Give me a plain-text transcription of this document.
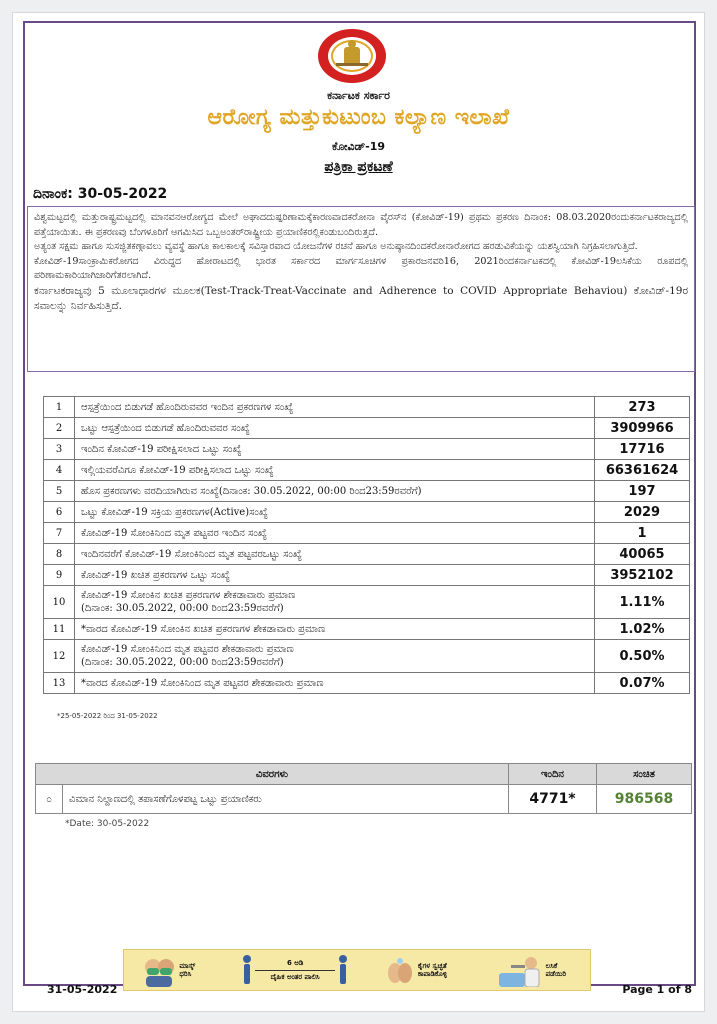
ಕರ್ನಾಟಕ ಸರ್ಕಾರ
ಆರೋಗ್ಯ ಮತ್ತುಕುಟುಂಬ ಕಲ್ಯಾಣ ಇಲಾಖೆ
ಕೋವಿಡ್-19
ಪತ್ರಿಕಾ ಪ್ರಕಟಣೆ
ದಿನಾಂಕ: 30-05-2022

ವಿಶ್ವಮಟ್ಟದಲ್ಲಿ ಮತ್ತುರಾಷ್ಟ್ರಮಟ್ಟದಲ್ಲಿ ಮಾನವನಆರೋಗ್ಯದ ಮೇಲೆ ಅಘಾದದುಷ್ಪರಿಣಾಮಕ್ಕೆಕಾರಣವಾದಕರೋನಾ ವೈರಸ್‌ನ (ಕೋವಿಡ್-19) ಪ್ರಥಮ ಪ್ರಕರಣ ದಿನಾಂಕ: 08.03.2020ರಂದುಕರ್ನಾಟಕರಾಜ್ಯದಲ್ಲಿ ಪತ್ತೆಯಾಯಿತು. ಈ ಪ್ರಕರಣವು ಬೆಂಗಳೂರಿಗೆ ಆಗಮಿಸಿದ ಒಬ್ಬಅಂತರ್‌ರಾಷ್ಟ್ರೀಯ ಪ್ರಯಾಣಿಕರಲ್ಲಿಕಂಡುಬಂದಿರುತ್ತದೆ.

ಅತ್ಯಂತ ಸಕ್ಷಮ ಹಾಗೂ ಸುಸಜ್ಜಿತಕಣ್ಗಾವಲು ವ್ಯವಸ್ಥೆ ಹಾಗೂ ಕಾಲಕಾಲಕ್ಕೆ ಸವಿಸ್ತಾರವಾದ ಯೋಜನೆಗಳ ರಚನೆ ಹಾಗೂ ಅನುಷ್ಠಾನದಿಂದಕರೋನಾರೋಗದ ಹರಡುವಿಕೆಯನ್ನು ಯಶಸ್ವಿಯಾಗಿ ನಿಗ್ರಹಿಸಲಾಗುತ್ತಿದೆ.

ಕೋವಿಡ್-19ಸಾಂಕ್ರಾಮಿಕರೋಗದ ವಿರುದ್ಧದ ಹೋರಾಟದಲ್ಲಿ ಭಾರತ ಸರ್ಕಾರದ ಮಾರ್ಗಸೂಚಿಗಳ ಪ್ರಕಾರಜನವರಿ16, 2021ರಿಂದಕರ್ನಾಟಕದಲ್ಲಿ ಕೋವಿಡ್-19ಲಸಿಕೆಯ ರೂಪದಲ್ಲಿ ಪರಿಣಾಮಕಾರಿಯಾಗಿಜಾರಿಗೆತರಲಾಗಿದೆ.

ಕರ್ನಾಟಕರಾಜ್ಯವು 5 ಮೂಲಾಧಾರಗಳ ಮೂಲಕ(Test-Track-Treat-Vaccinate and Adherence to COVID Appropriate Behaviou) ಕೋವಿಡ್-19ರ ಸವಾಲನ್ನು ನಿರ್ವಹಿಸುತ್ತಿದೆ.

1	ಆಸ್ಪತ್ರೆಯಿಂದ ಬಿಡುಗಡೆ ಹೊಂದಿರುವವರ ಇಂದಿನ ಪ್ರಕರಣಗಳ ಸಂಖ್ಯೆ	273
2	ಒಟ್ಟು ಆಸ್ಪತ್ರೆಯಿಂದ ಬಿಡುಗಡೆ ಹೊಂದಿರುವವರ ಸಂಖ್ಯೆ	3909966
3	ಇಂದಿನ ಕೋವಿಡ್-19 ಪರೀಕ್ಷಿಸಲಾದ ಒಟ್ಟು ಸಂಖ್ಯೆ	17716
4	ಇಲ್ಲಿಯವರೆವಿಗೂ ಕೋವಿಡ್-19 ಪರೀಕ್ಷಿಸಲಾದ ಒಟ್ಟು ಸಂಖ್ಯೆ	66361624
5	ಹೊಸ ಪ್ರಕರಣಗಳು ವರದಿಯಾಗಿರುವ ಸಂಖ್ಯೆ(ದಿನಾಂಕ: 30.05.2022, 00:00 ರಿಂದ23:59ರವರೆಗೆ)	197
6	ಒಟ್ಟು ಕೋವಿಡ್-19 ಸಕ್ರಿಯ ಪ್ರಕರಣಗಳ(Active)ಸಂಖ್ಯೆ	2029
7	ಕೋವಿಡ್-19 ಸೋಂಕಿನಿಂದ ಮೃತ ಪಟ್ಟವರ ಇಂದಿನ ಸಂಖ್ಯೆ	1
8	ಇಂದಿನವರೆಗೆ ಕೋವಿಡ್-19 ಸೋಂಕಿನಿಂದ ಮೃತ ಪಟ್ಟವರಒಟ್ಟು ಸಂಖ್ಯೆ	40065
9	ಕೋವಿಡ್-19 ಖಚಿತ ಪ್ರಕರಣಗಳ ಒಟ್ಟು ಸಂಖ್ಯೆ	3952102
10	ಕೋವಿಡ್-19 ಸೋಂಕಿನ ಖಚಿತ ಪ್ರಕರಣಗಳ ಶೇಕಡಾವಾರು ಪ್ರಮಾಣ
(ದಿನಾಂಕ: 30.05.2022, 00:00 ರಿಂದ23:59ರವರೆಗೆ)	1.11%
11	*ವಾರದ ಕೋವಿಡ್-19 ಸೋಂಕಿನ ಖಚಿತ ಪ್ರಕರಣಗಳ ಶೇಕಡಾವಾರು ಪ್ರಮಾಣ	1.02%
12	ಕೋವಿಡ್-19 ಸೋಂಕಿನಿಂದ ಮೃತ ಪಟ್ಟವರ ಶೇಕಡಾವಾರು ಪ್ರಮಾಣ
(ದಿನಾಂಕ: 30.05.2022, 00:00 ರಿಂದ23:59ರವರೆಗೆ)	0.50%
13	*ವಾರದ ಕೋವಿಡ್-19 ಸೋಂಕಿನಿಂದ ಮೃತ ಪಟ್ಟವರ ಶೇಕಡಾವಾರು ಪ್ರಮಾಣ	0.07%
*25-05-2022 ರಿಂದ 31-05-2022
ವಿವರಗಳು		ಇಂದಿನ	ಸಂಚಿತ
೦	ವಿಮಾನ ನಿಲ್ದಾಣದಲ್ಲಿ ತಪಾಸಣೆಗೊಳಪಟ್ಟ ಒಟ್ಟು ಪ್ರಯಾಣಿಕರು	4771*	986568
*Date: 30-05-2022
ಮಾಸ್ಕ್ ಧರಿಸಿ
6 ಅಡಿ
ದೈಹಿಕ ಅಂತರ ಪಾಲಿಸಿ
ಕೈಗಳ ಸ್ವಚ್ಛತೆ ಕಾಪಾಡಿಕೊಳ್ಳಿ
ಲಸಿಕೆ ಪಡೆಯಿರಿ
31-05-2022	Page 1 of 8
